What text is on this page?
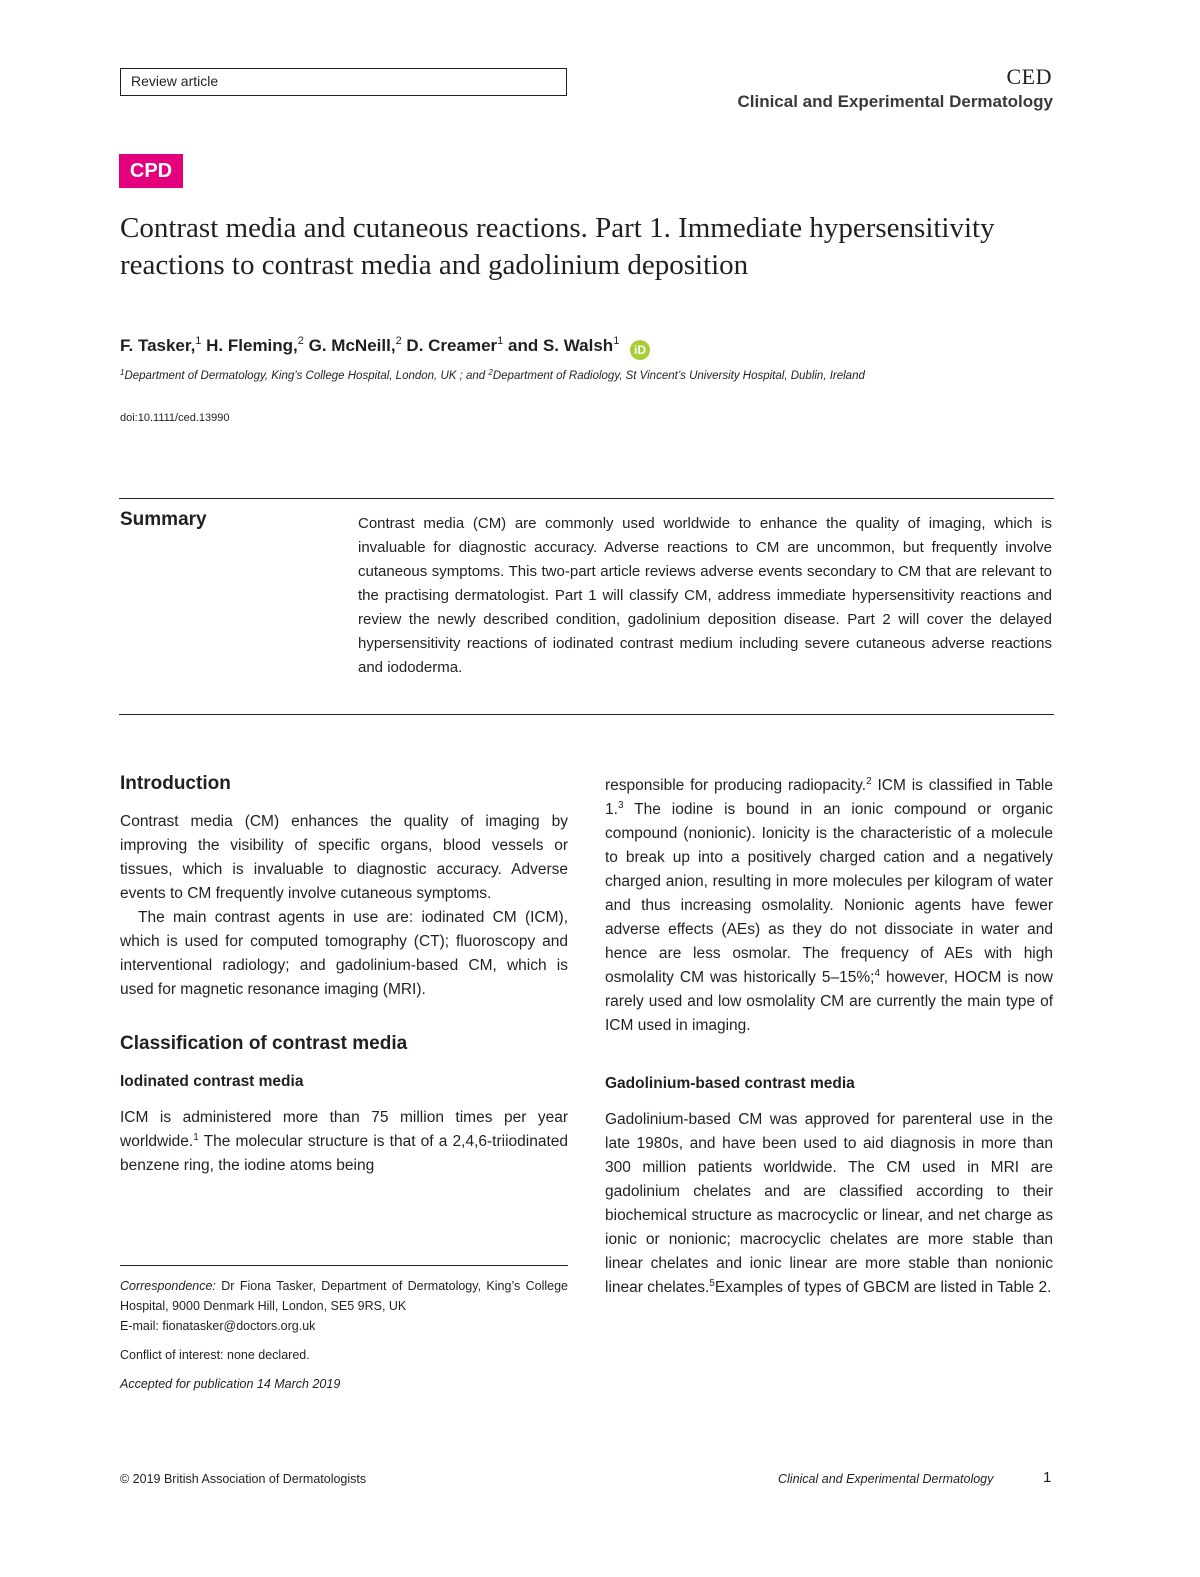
Review article	CED
Clinical and Experimental Dermatology
CPD
Contrast media and cutaneous reactions. Part 1. Immediate hypersensitivity reactions to contrast media and gadolinium deposition
F. Tasker,$^1$ H. Fleming,$^2$ G. McNeill,$^2$ D. Creamer$^1$ and S. Walsh$^1$ iD
$^1$Department of Dermatology, King’s College Hospital, London, UK ; and $^2$Department of Radiology, St Vincent’s University Hospital, Dublin, Ireland
doi:10.1111/ced.13990
Summary	Contrast media (CM) are commonly used worldwide to enhance the quality of imaging, which is invaluable for diagnostic accuracy. Adverse reactions to CM are uncommon, but frequently involve cutaneous symptoms. This two-part article reviews adverse events secondary to CM that are relevant to the practising dermatologist. Part 1 will classify CM, address immediate hypersensitivity reactions and review the newly described condition, gadolinium deposition disease. Part 2 will cover the delayed hypersensitivity reactions of iodinated contrast medium including severe cutaneous adverse reactions and iododerma.

Introduction

Contrast media (CM) enhances the quality of imaging by improving the visibility of specific organs, blood vessels or tissues, which is invaluable to diagnostic accuracy. Adverse events to CM frequently involve cutaneous symptoms.

The main contrast agents in use are: iodinated CM (ICM), which is used for computed tomography (CT); fluoroscopy and interventional radiology; and gadolinium-based CM, which is used for magnetic resonance imaging (MRI).

Classification of contrast media
Iodinated contrast media

ICM is administered more than 75 million times per year worldwide.$^1$ The molecular structure is that of a 2,4,6-triiodinated benzene ring, the iodine atoms being

Correspondence: Dr Fiona Tasker, Department of Dermatology, King’s College Hospital, 9000 Denmark Hill, London, SE5 9RS, UK
E-mail: fionatasker@doctors.org.uk
Conflict of interest: none declared.
Accepted for publication 14 March 2019

responsible for producing radiopacity.$^2$ ICM is classified in Table 1.$^3$ The iodine is bound in an ionic compound or organic compound (nonionic). Ionicity is the characteristic of a molecule to break up into a positively charged cation and a negatively charged anion, resulting in more molecules per kilogram of water and thus increasing osmolality. Nonionic agents have fewer adverse effects (AEs) as they do not dissociate in water and hence are less osmolar. The frequency of AEs with high osmolality CM was historically 5–15%;$^4$ however, HOCM is now rarely used and low osmolality CM are currently the main type of ICM used in imaging.

Gadolinium-based contrast media

Gadolinium-based CM was approved for parenteral use in the late 1980s, and have been used to aid diagnosis in more than 300 million patients worldwide. The CM used in MRI are gadolinium chelates and are classified according to their biochemical structure as macrocyclic or linear, and net charge as ionic or nonionic; macrocyclic chelates are more stable than linear chelates and ionic linear are more stable than nonionic linear chelates.$^5$Examples of types of GBCM are listed in Table 2.

© 2019 British Association of Dermatologists	Clinical and Experimental Dermatology	1
